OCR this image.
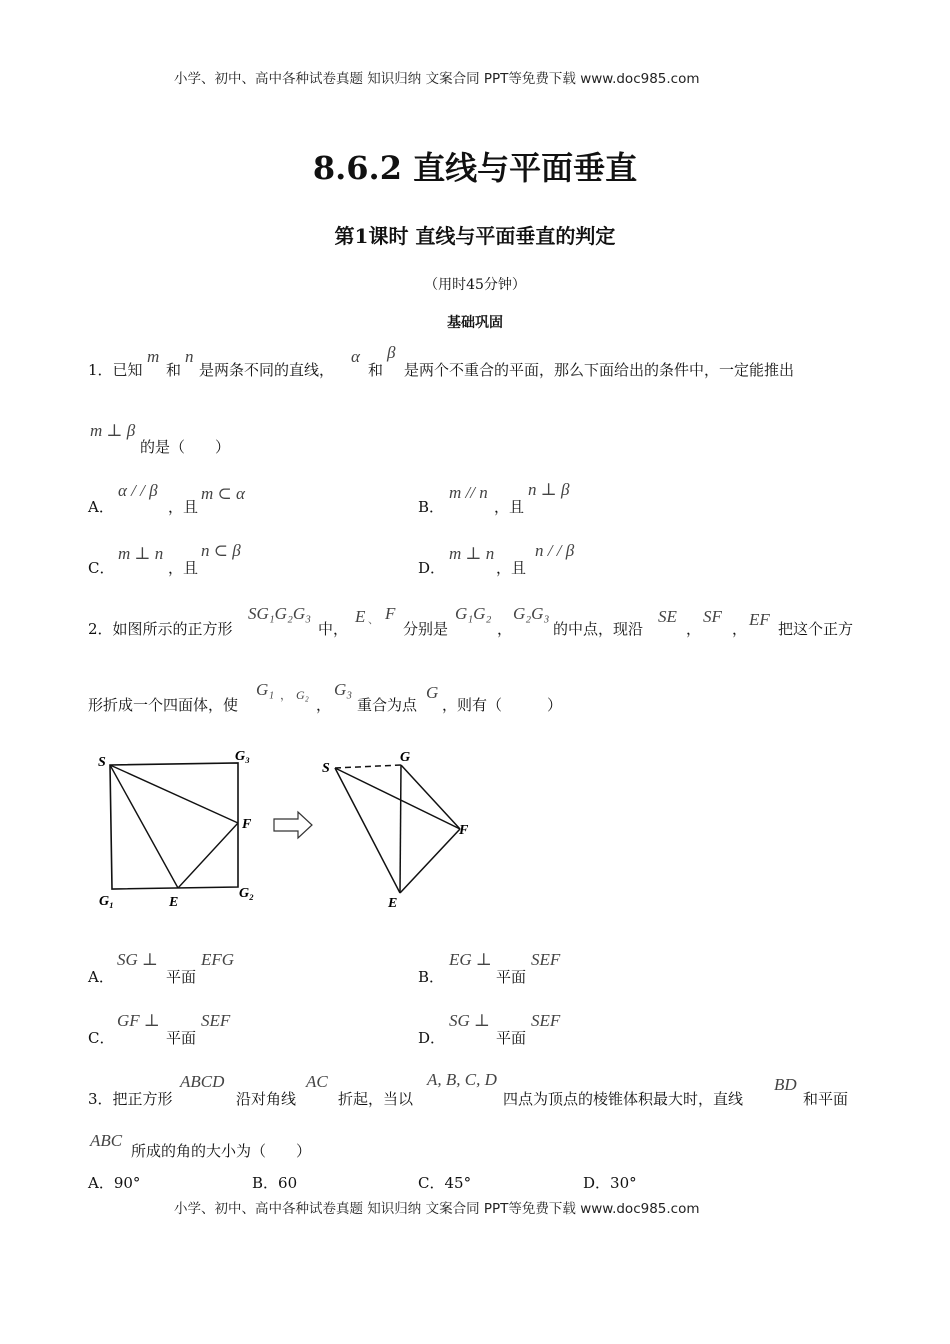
小学、初中、高中各种试卷真题 知识归纳 文案合同 PPT等免费下载 www.doc985.com
小学、初中、高中各种试卷真题 知识归纳 文案合同 PPT等免费下载 www.doc985.com
8.6.2 直线与平面垂直
第1课时 直线与平面垂直的判定
（用时45分钟）
基础巩固
1．已知
m
和
n
是两条不同的直线，
α
和
β
是两个不重合的平面，那么下面给出的条件中，一定能推出
m ⊥ β
的是（　　）
A．
α / / β
，且
m ⊂ α
B．
m // n
，且
n ⊥ β
C．
m ⊥ n
，且
n ⊂ β
D．
m ⊥ n
，且
n / / β
2．如图所示的正方形
SG₁G₂G₃
中，
E 、 F
分别是
G₁G₂
，
G₂G₃
的中点，现沿
SE
，
SF
， EF 把这个正方
形折成一个四面体，使
G₁ ， G₂
，
G₃
重合为点
G
，则有（　　　）
S	G₃
F
G₁	E
G₂
S
G
F
E
A．
SG ⊥
平面
EFG
B．
EG ⊥
平面
SEF
C．
GF ⊥
平面
SEF
D．
SG ⊥
平面
SEF
3．把正方形
ABCD
沿对角线
AC
折起，当以
A, B, C, D
四点为顶点的棱锥体积最大时，直线
BD
和平面
ABC
所成的角的大小为（　　）
A．90°	B．60	C．45°	D．30°
